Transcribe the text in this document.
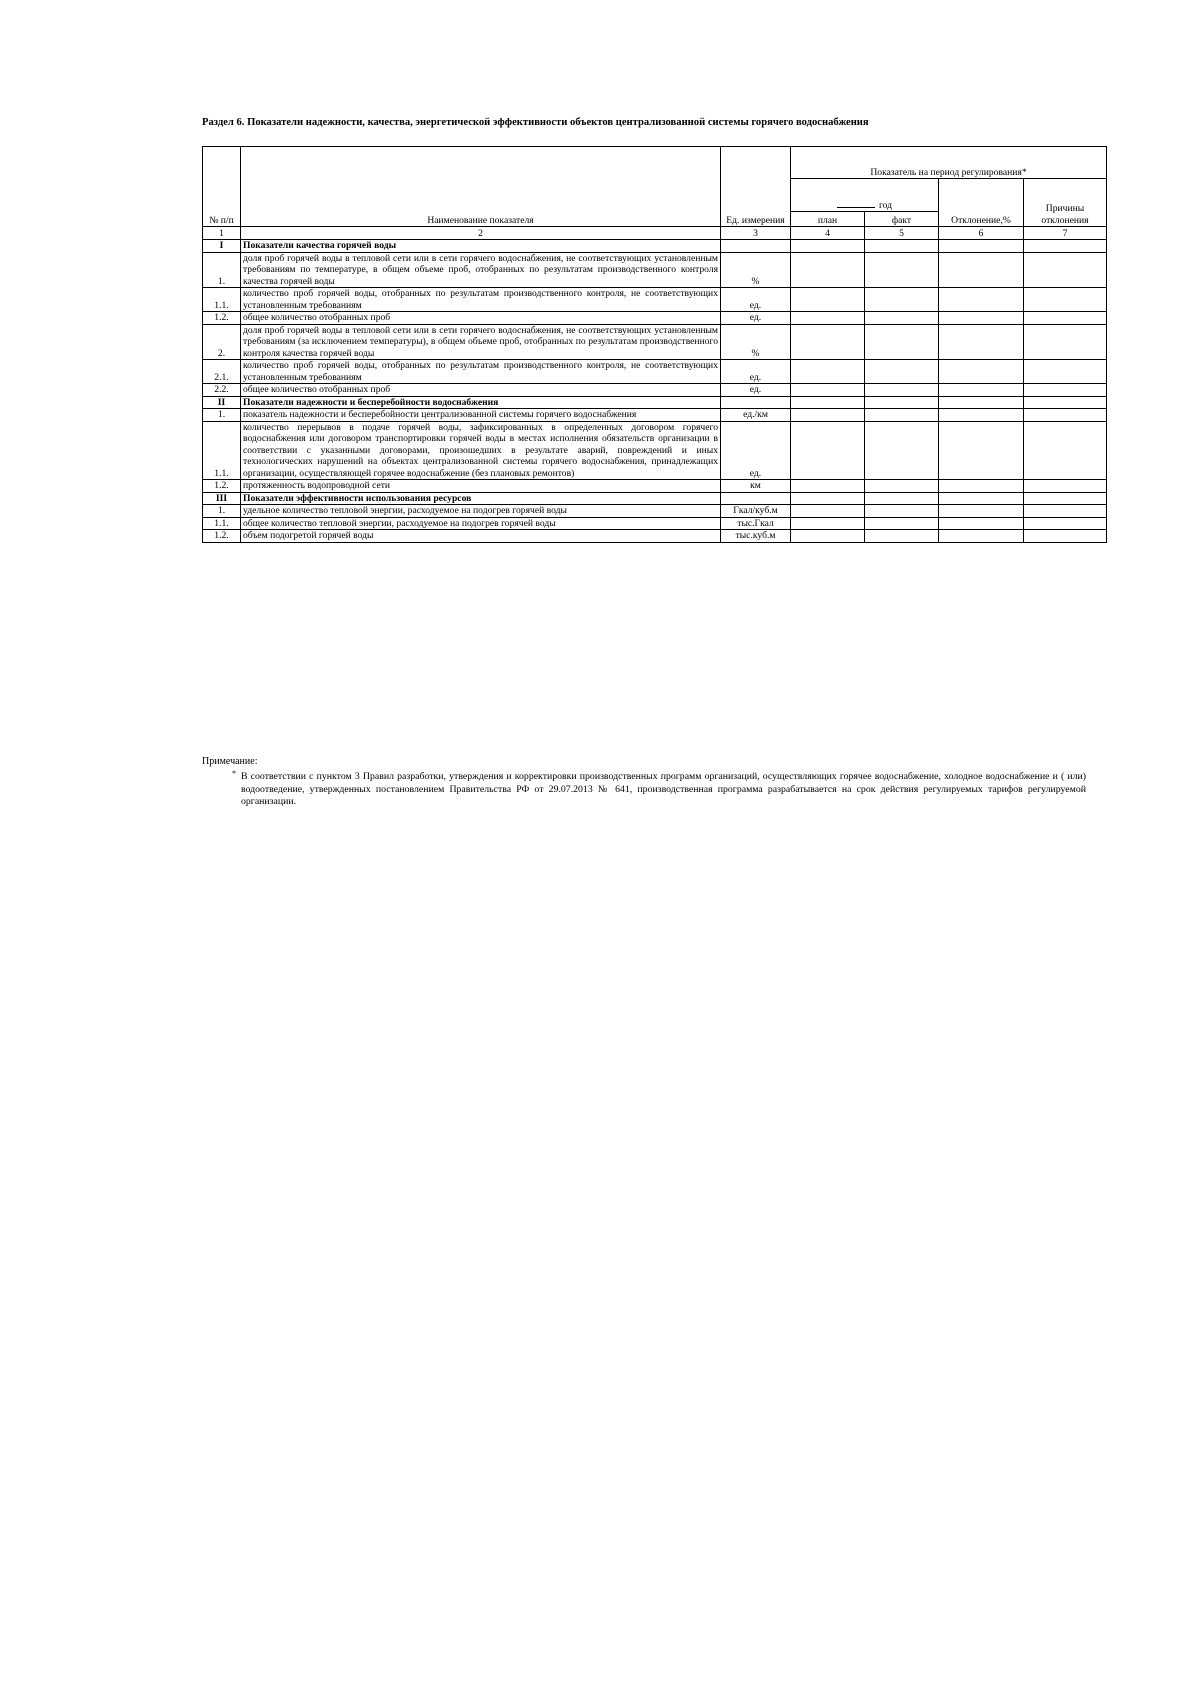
Раздел 6. Показатели надежности, качества, энергетической эффективности объектов централизованной системы горячего водоснабжения
№ п/п	Наименование показателя	Ед. измерения	Показатель на период регулирования*			
			год		Отклонение,%	Причины отклонения
			план	факт		
1	2	3	4	5	6	7
I	Показатели качества горячей воды					
1.	доля проб горячей воды в тепловой сети или в сети горячего водоснабжения, не соответствующих установленным требованиям по температуре, в общем объеме проб, отобранных по результатам производственного контроля качества горячей воды	%				
1.1.	количество проб горячей воды, отобранных по результатам производственного контроля, не соответствующих установленным требованиям	ед.				
1.2.	общее количество отобранных проб	ед.				
2.	доля проб горячей воды в тепловой сети или в сети горячего водоснабжения, не соответствующих установленным требованиям (за исключением температуры), в общем объеме проб, отобранных по результатам производственного контроля качества горячей воды	%				
2.1.	количество проб горячей воды, отобранных по результатам производственного контроля, не соответствующих установленным требованиям	ед.				
2.2.	общее количество отобранных проб	ед.				
II	Показатели надежности и бесперебойности водоснабжения					
1.	показатель надежности и бесперебойности централизованной системы горячего водоснабжения	ед./км				
1.1.	количество перерывов в подаче горячей воды, зафиксированных в определенных договором горячего водоснабжения или договором транспортировки горячей воды в местах исполнения обязательств организации в соответствии с указанными договорами, произошедших в результате аварий, повреждений и иных технологических нарушений на объектах централизованной системы горячего водоснабжения, принадлежащих организации, осуществляющей горячее водоснабжение (без плановых ремонтов)	ед.				
1.2.	протяженность водопроводной сети	км				
III	Показатели эффективности использования ресурсов					
1.	удельное количество тепловой энергии, расходуемое на подогрев горячей воды	Гкал/куб.м				
1.1.	общее количество тепловой энергии, расходуемое на подогрев горячей воды	тыс.Гкал				
1.2.	объем подогретой горячей воды	тыс.куб.м				
Примечание:
* В соответствии с пунктом 3 Правил разработки, утверждения и корректировки производственных программ организаций, осуществляющих горячее водоснабжение, холодное водоснабжение и ( или) водоотведение, утвержденных постановлением Правительства РФ от 29.07.2013 № 641, производственная программа разрабатывается на срок действия регулируемых тарифов регулируемой организации.
